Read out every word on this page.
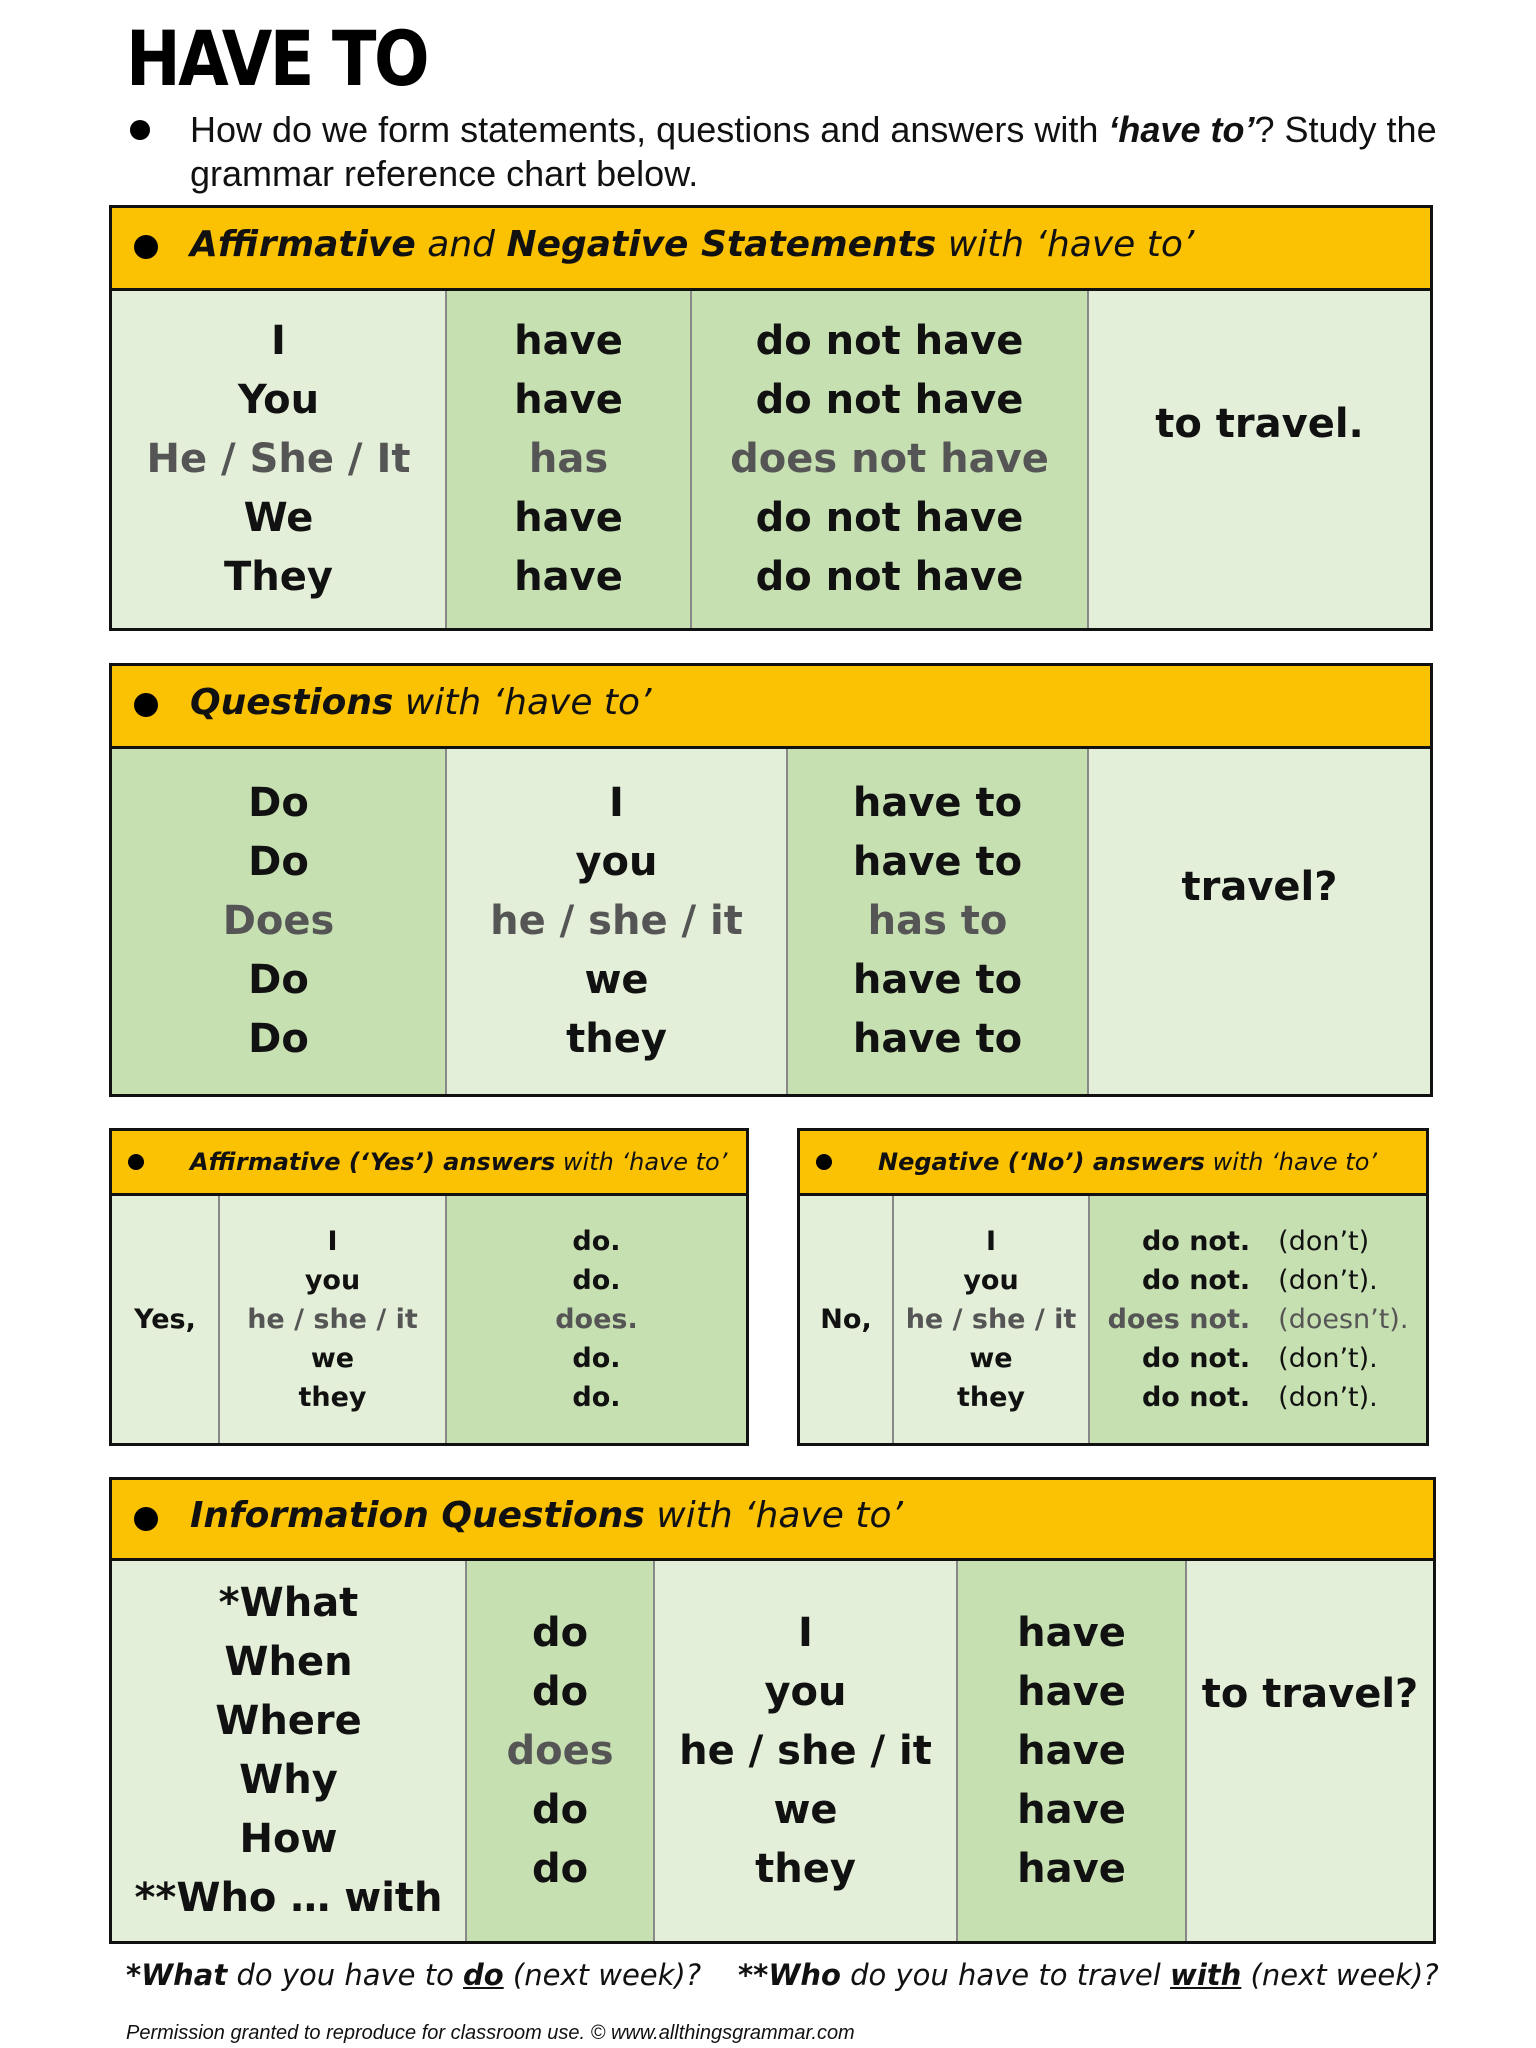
HAVE TO
How do we form statements, questions and answers with ‘have to’? Study the grammar reference chart below.
Affirmative and Negative Statements with ‘have to’
I
You
He / She / It
We
They
have
have
has
have
have
do not have
do not have
does not have
do not have
do not have
to travel.
Questions with ‘have to’
Do
Do
Does
Do
Do
I
you
he / she / it
we
they
have to
have to
has to
have to
have to
travel?
Affirmative (‘Yes’) answers with ‘have to’
Yes,
I
you
he / she / it
we
they
do.
do.
does.
do.
do.
Negative (‘No’) answers with ‘have to’
No,
I
you
he / she / it
we
they
do not.
do not.
does not.
do not.
do not.
(don’t)
(don’t).
(doesn’t).
(don’t).
(don’t).
Information Questions with ‘have to’
*What
When
Where
Why
How
**Who … with
do
do
does
do
do
I
you
he / she / it
we
they
have
have
have
have
have
to travel?
*What do you have to do (next week)? **Who do you have to travel with (next week)?
Permission granted to reproduce for classroom use. © www.allthingsgrammar.com
